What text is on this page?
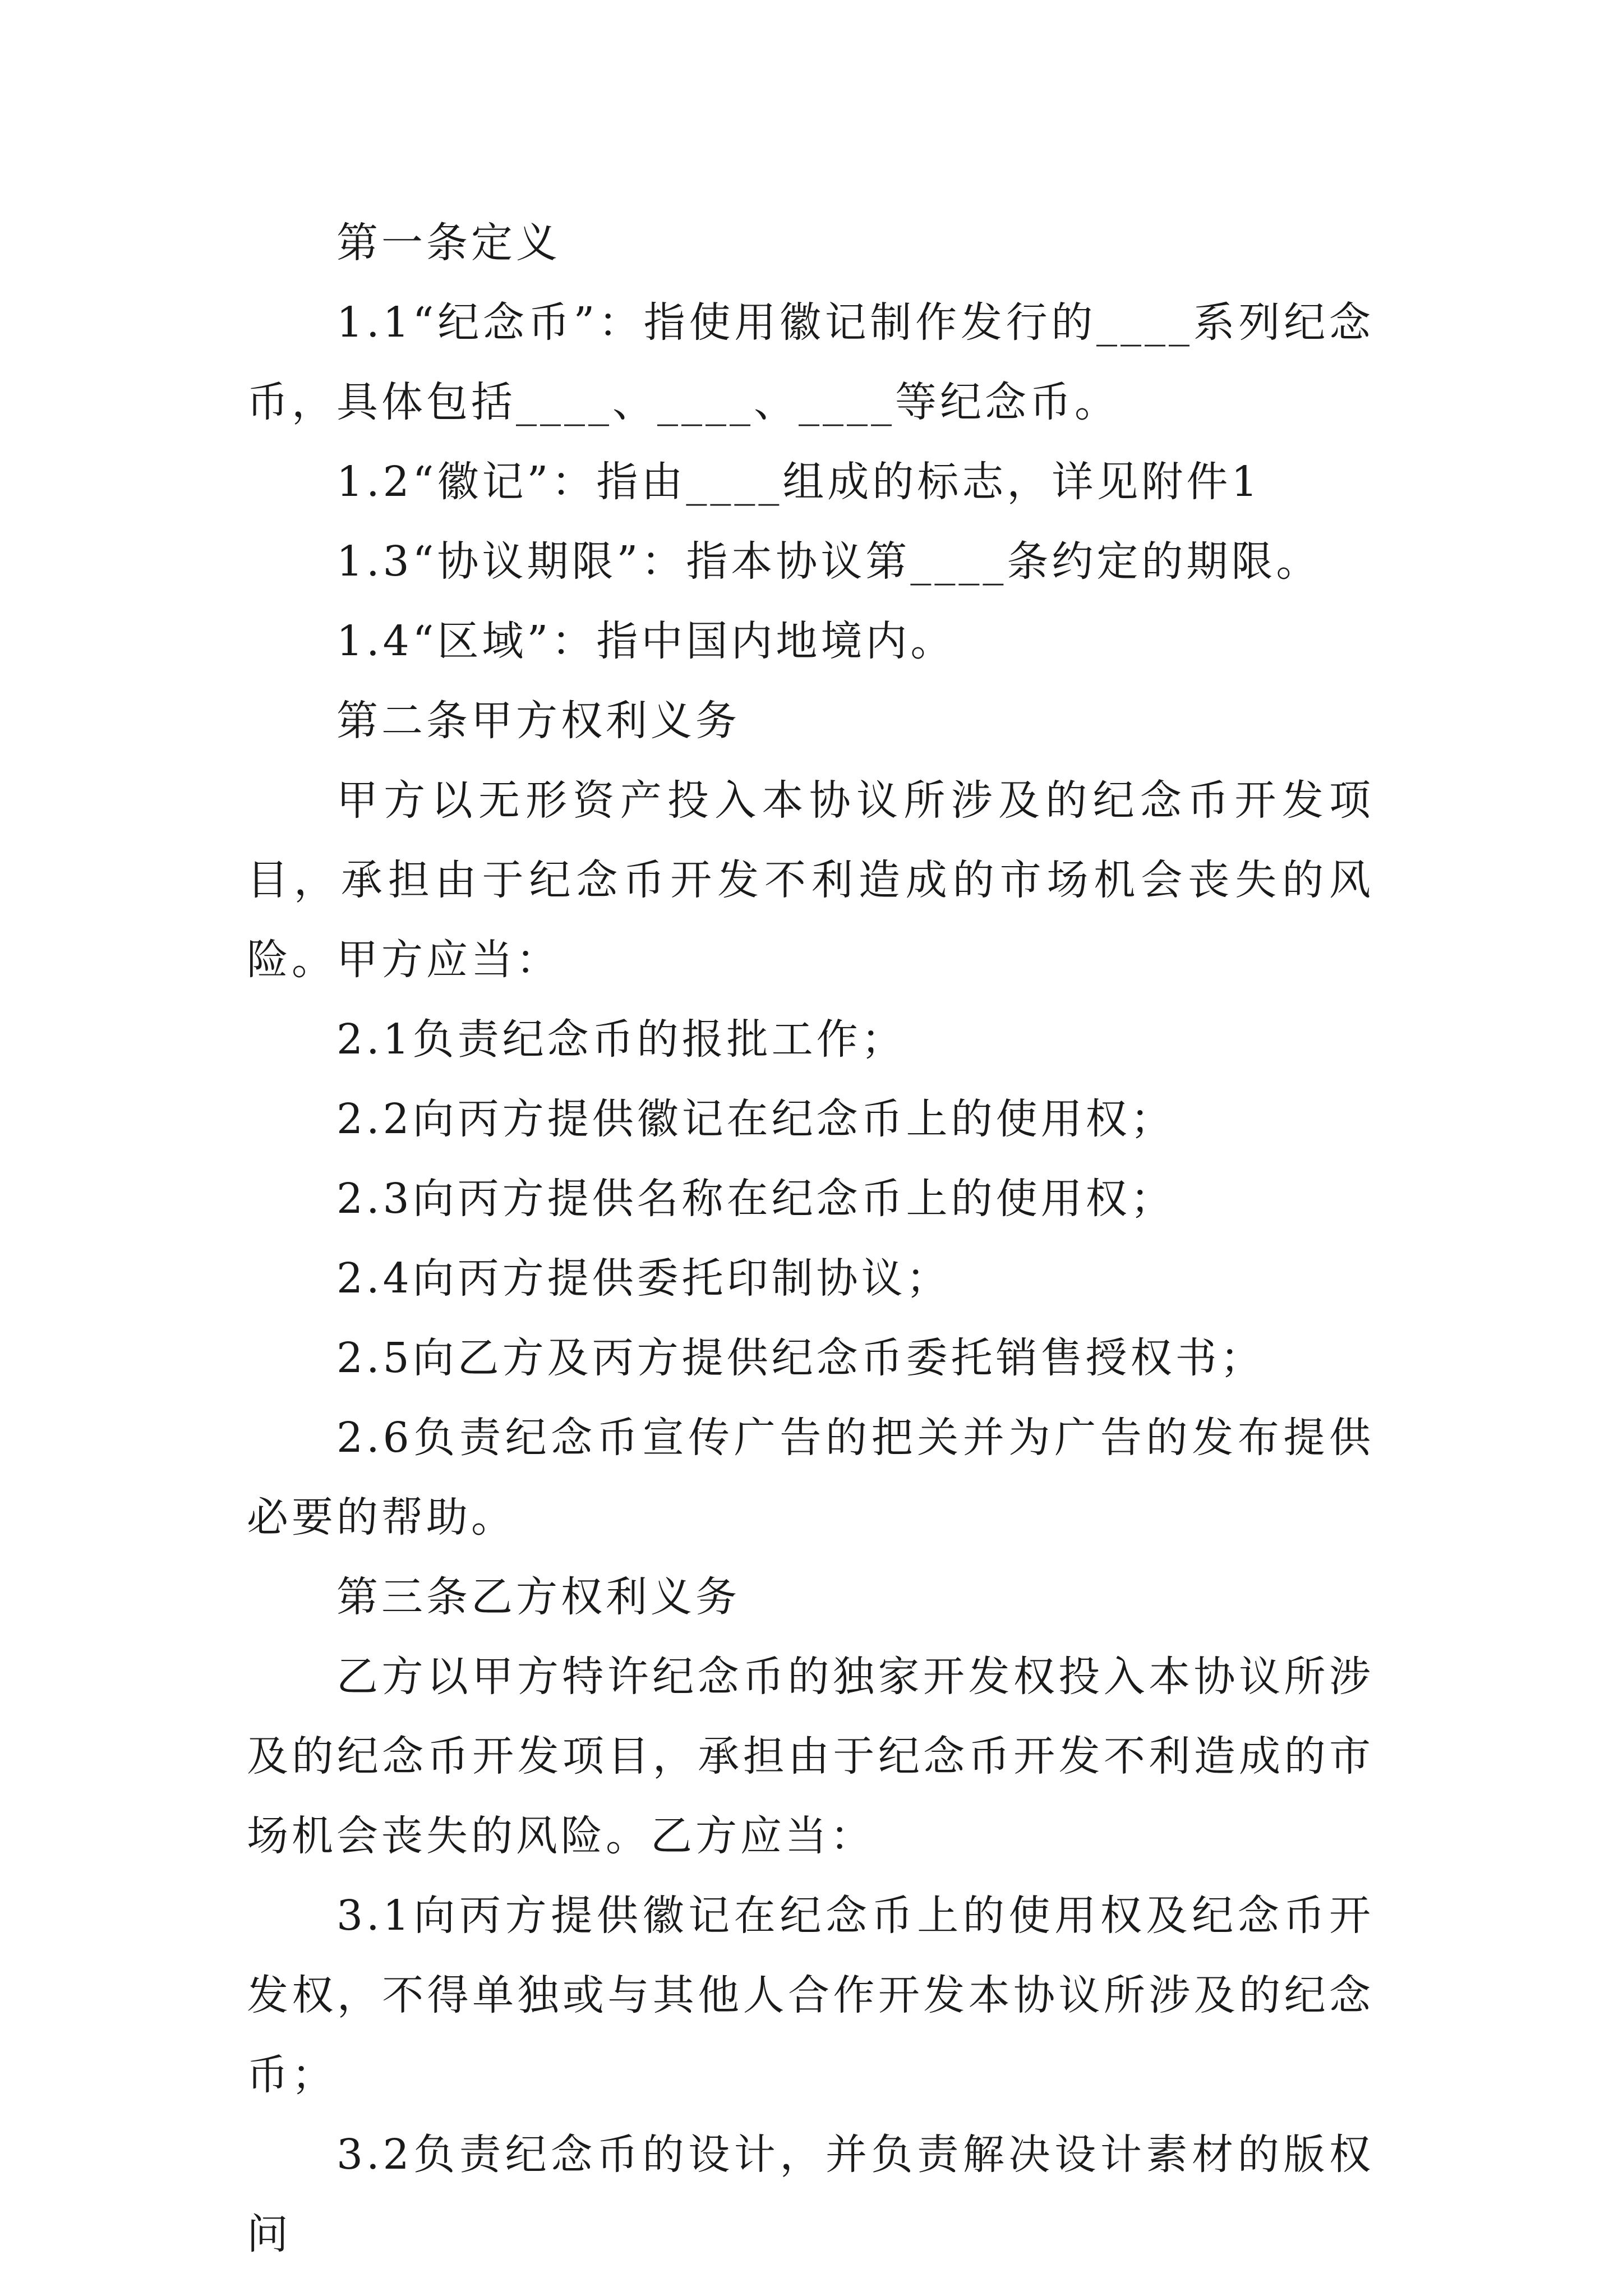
第一条定义

1.1“纪念币”：指使用徽记制作发行的____系列纪念币，具体包括____、____、____等纪念币。

1.2“徽记”：指由____组成的标志，详见附件1

1.3“协议期限”：指本协议第____条约定的期限。

1.4“区域”：指中国内地境内。

第二条甲方权利义务

甲方以无形资产投入本协议所涉及的纪念币开发项目，承担由于纪念币开发不利造成的市场机会丧失的风险。甲方应当：

2.1负责纪念币的报批工作；

2.2向丙方提供徽记在纪念币上的使用权；

2.3向丙方提供名称在纪念币上的使用权；

2.4向丙方提供委托印制协议；

2.5向乙方及丙方提供纪念币委托销售授权书；

2.6负责纪念币宣传广告的把关并为广告的发布提供必要的帮助。

第三条乙方权利义务

乙方以甲方特许纪念币的独家开发权投入本协议所涉及的纪念币开发项目，承担由于纪念币开发不利造成的市场机会丧失的风险。乙方应当：

3.1向丙方提供徽记在纪念币上的使用权及纪念币开发权，不得单独或与其他人合作开发本协议所涉及的纪念币；

3.2负责纪念币的设计，并负责解决设计素材的版权问
